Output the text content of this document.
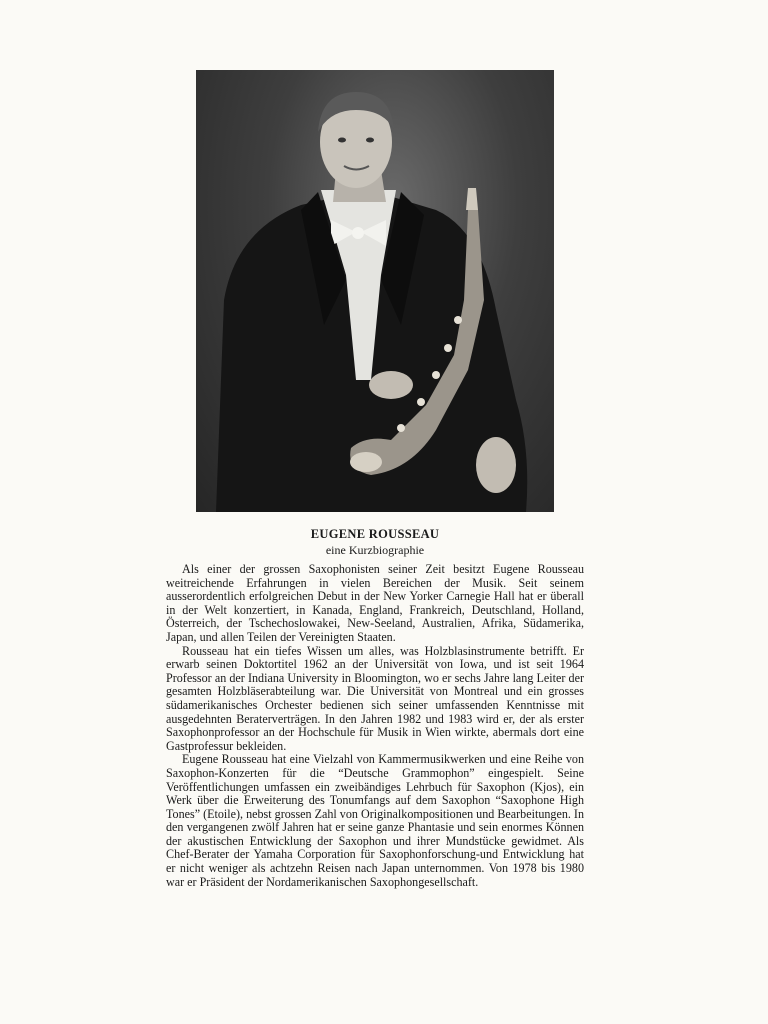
EUGENE ROUSSEAU
eine Kurzbiographie

Als einer der grossen Saxophonisten seiner Zeit besitzt Eugene Rousseau weitreichende Erfahrungen in vielen Bereichen der Musik. Seit seinem ausserordentlich erfolgreichen Debut in der New Yorker Carnegie Hall hat er überall in der Welt konzertiert, in Kanada, England, Frankreich, Deutschland, Holland, Österreich, der Tschechoslowakei, New-Seeland, Australien, Afrika, Südamerika, Japan, und allen Teilen der Vereinigten Staaten.

Rousseau hat ein tiefes Wissen um alles, was Holzblasinstrumente betrifft. Er erwarb seinen Doktortitel 1962 an der Universität von Iowa, und ist seit 1964 Professor an der Indiana University in Bloomington, wo er sechs Jahre lang Leiter der gesamten Holzbläserabteilung war. Die Universität von Montreal und ein grosses südamerikanisches Orchester bedienen sich seiner umfassenden Kenntnisse mit ausgedehnten Beraterverträgen. In den Jahren 1982 und 1983 wird er, der als erster Saxophonprofessor an der Hochschule für Musik in Wien wirkte, abermals dort eine Gastprofessur bekleiden.

Eugene Rousseau hat eine Vielzahl von Kammermusikwerken und eine Reihe von Saxophon-Konzerten für die “Deutsche Grammophon” eingespielt. Seine Veröffentlichungen umfassen ein zweibändiges Lehrbuch für Saxophon (Kjos), ein Werk über die Erweiterung des Tonumfangs auf dem Saxophon “Saxophone High Tones” (Etoile), nebst grossen Zahl von Originalkompositionen und Bearbeitungen. In den vergangenen zwölf Jahren hat er seine ganze Phantasie und sein enormes Können der akustischen Entwicklung der Saxophon und ihrer Mundstücke gewidmet. Als Chef-Berater der Yamaha Corporation für Saxophonforschung-und Entwicklung hat er nicht weniger als achtzehn Reisen nach Japan unternommen. Von 1978 bis 1980 war er Präsident der Nordamerikanischen Saxophongesellschaft.
